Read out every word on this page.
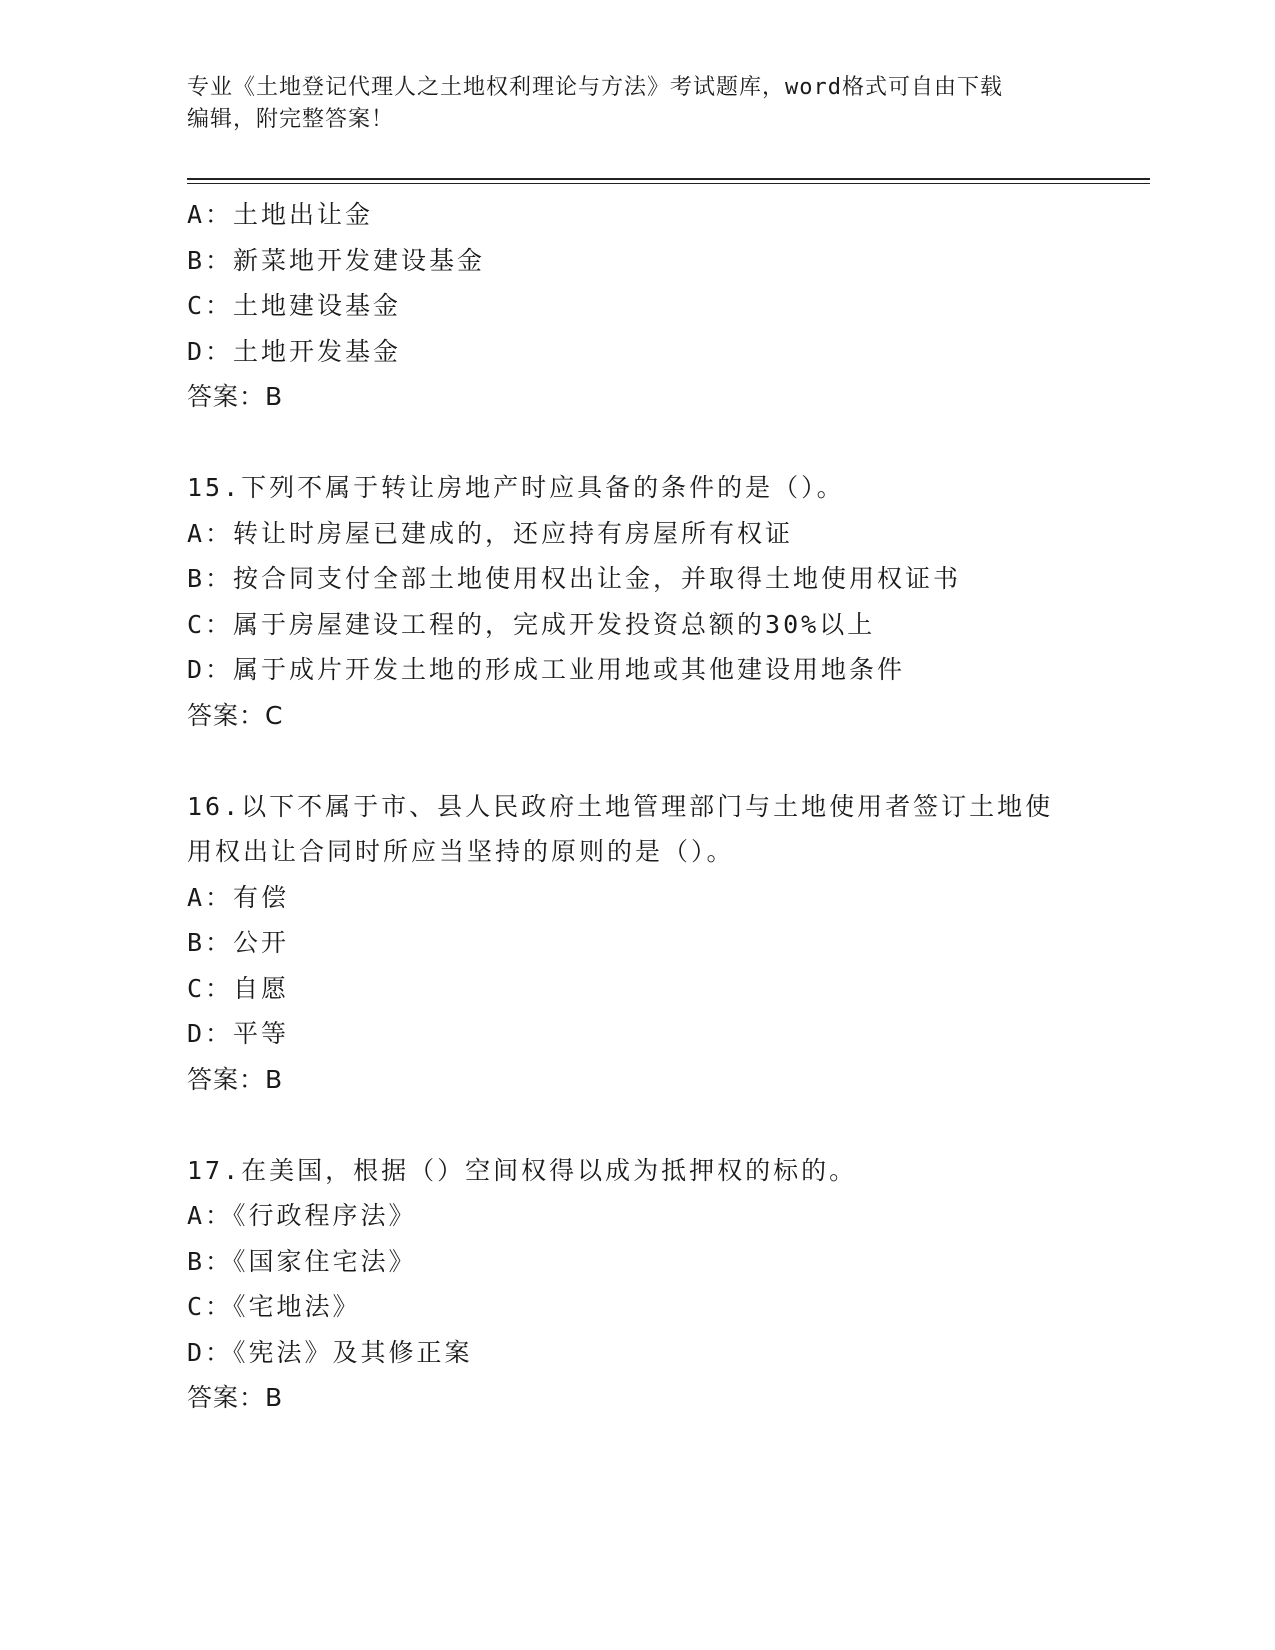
专业《土地登记代理人之土地权利理论与方法》考试题库，word格式可自由下载
编辑，附完整答案！
A：土地出让金
B：新菜地开发建设基金
C：土地建设基金
D：土地开发基金
答案：B
15.下列不属于转让房地产时应具备的条件的是（）。
A：转让时房屋已建成的，还应持有房屋所有权证
B：按合同支付全部土地使用权出让金，并取得土地使用权证书
C：属于房屋建设工程的，完成开发投资总额的30%以上
D：属于成片开发土地的形成工业用地或其他建设用地条件
答案：C
16.以下不属于市、县人民政府土地管理部门与土地使用者签订土地使
用权出让合同时所应当坚持的原则的是（）。
A：有偿
B：公开
C：自愿
D：平等
答案：B
17.在美国，根据（）空间权得以成为抵押权的标的。
A：《行政程序法》
B：《国家住宅法》
C：《宅地法》
D：《宪法》及其修正案
答案：B
